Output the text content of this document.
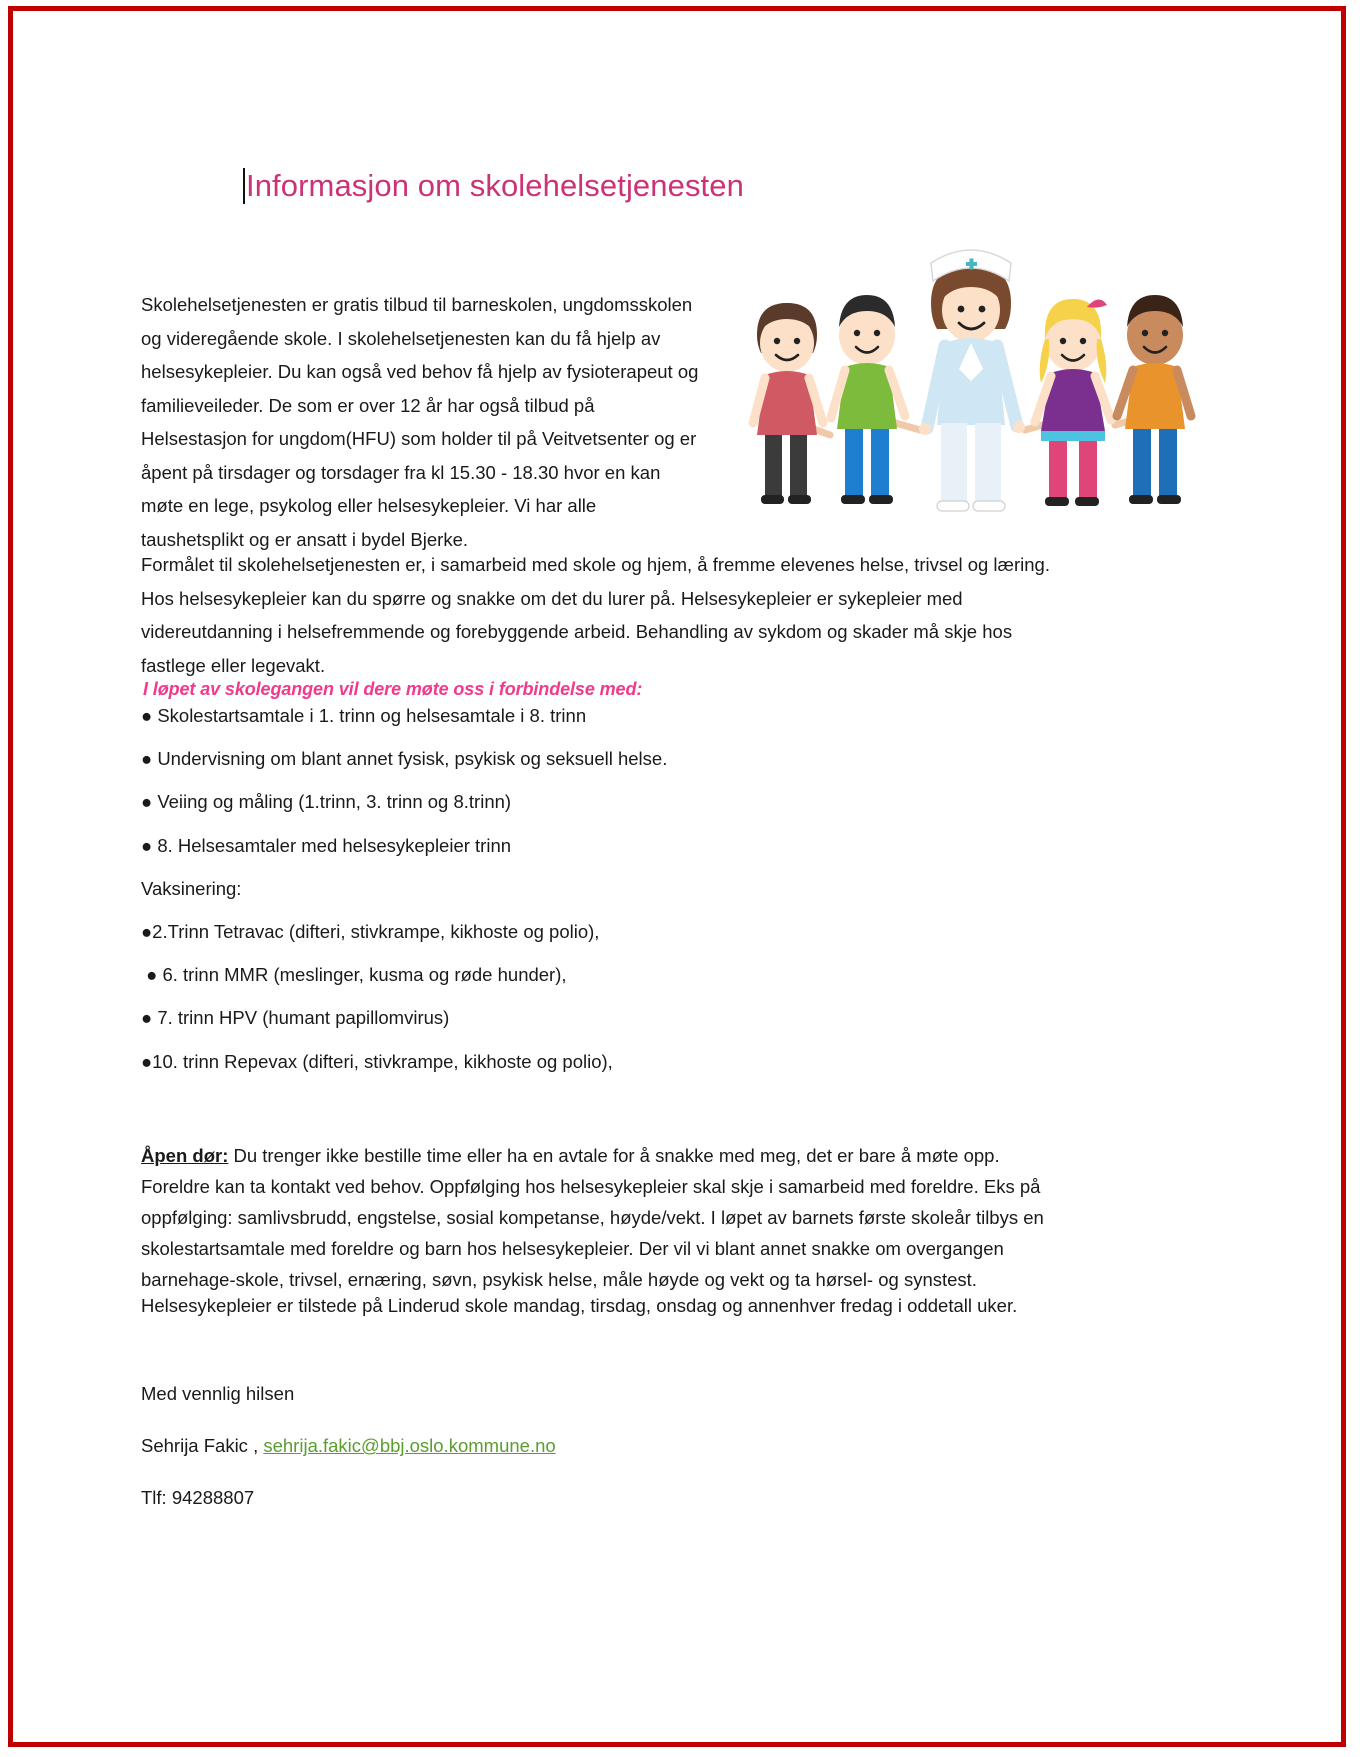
Informasjon om skolehelsetjenesten
Skolehelsetjenesten er gratis tilbud til barneskolen, ungdomsskolen og videregående skole. I skolehelsetjenesten kan du få hjelp av helsesykepleier. Du kan også ved behov få hjelp av fysioterapeut og familieveileder. De som er over 12 år har også tilbud på Helsestasjon for ungdom(HFU) som holder til på Veitvetsenter og er åpent på tirsdager og torsdager fra kl 15.30 - 18.30 hvor en kan møte en lege, psykolog eller helsesykepleier. Vi har alle taushetsplikt og er ansatt i bydel Bjerke.
Formålet til skolehelsetjenesten er, i samarbeid med skole og hjem, å fremme elevenes helse, trivsel og læring. Hos helsesykepleier kan du spørre og snakke om det du lurer på. Helsesykepleier er sykepleier med videreutdanning i helsefremmende og forebyggende arbeid. Behandling av sykdom og skader må skje hos fastlege eller legevakt.
I løpet av skolegangen vil dere møte oss i forbindelse med:
● Skolestartsamtale i 1. trinn og helsesamtale i 8. trinn
● Undervisning om blant annet fysisk, psykisk og seksuell helse.
● Veiing og måling (1.trinn, 3. trinn og 8.trinn)
● 8. Helsesamtaler med helsesykepleier trinn
Vaksinering:
●2.Trinn Tetravac (difteri, stivkrampe, kikhoste og polio),
● 6. trinn MMR (meslinger, kusma og røde hunder),
● 7. trinn HPV (humant papillomvirus)
●10. trinn Repevax (difteri, stivkrampe, kikhoste og polio),
Åpen dør: Du trenger ikke bestille time eller ha en avtale for å snakke med meg, det er bare å møte opp. Foreldre kan ta kontakt ved behov. Oppfølging hos helsesykepleier skal skje i samarbeid med foreldre. Eks på oppfølging: samlivsbrudd, engstelse, sosial kompetanse, høyde/vekt. I løpet av barnets første skoleår tilbys en skolestartsamtale med foreldre og barn hos helsesykepleier. Der vil vi blant annet snakke om overgangen barnehage-skole, trivsel, ernæring, søvn, psykisk helse, måle høyde og vekt og ta hørsel- og synstest.
Helsesykepleier er tilstede på Linderud skole mandag, tirsdag, onsdag og annenhver fredag i oddetall uker.
Med vennlig hilsen
Sehrija Fakic , sehrija.fakic@bbj.oslo.kommune.no
Tlf: 94288807
